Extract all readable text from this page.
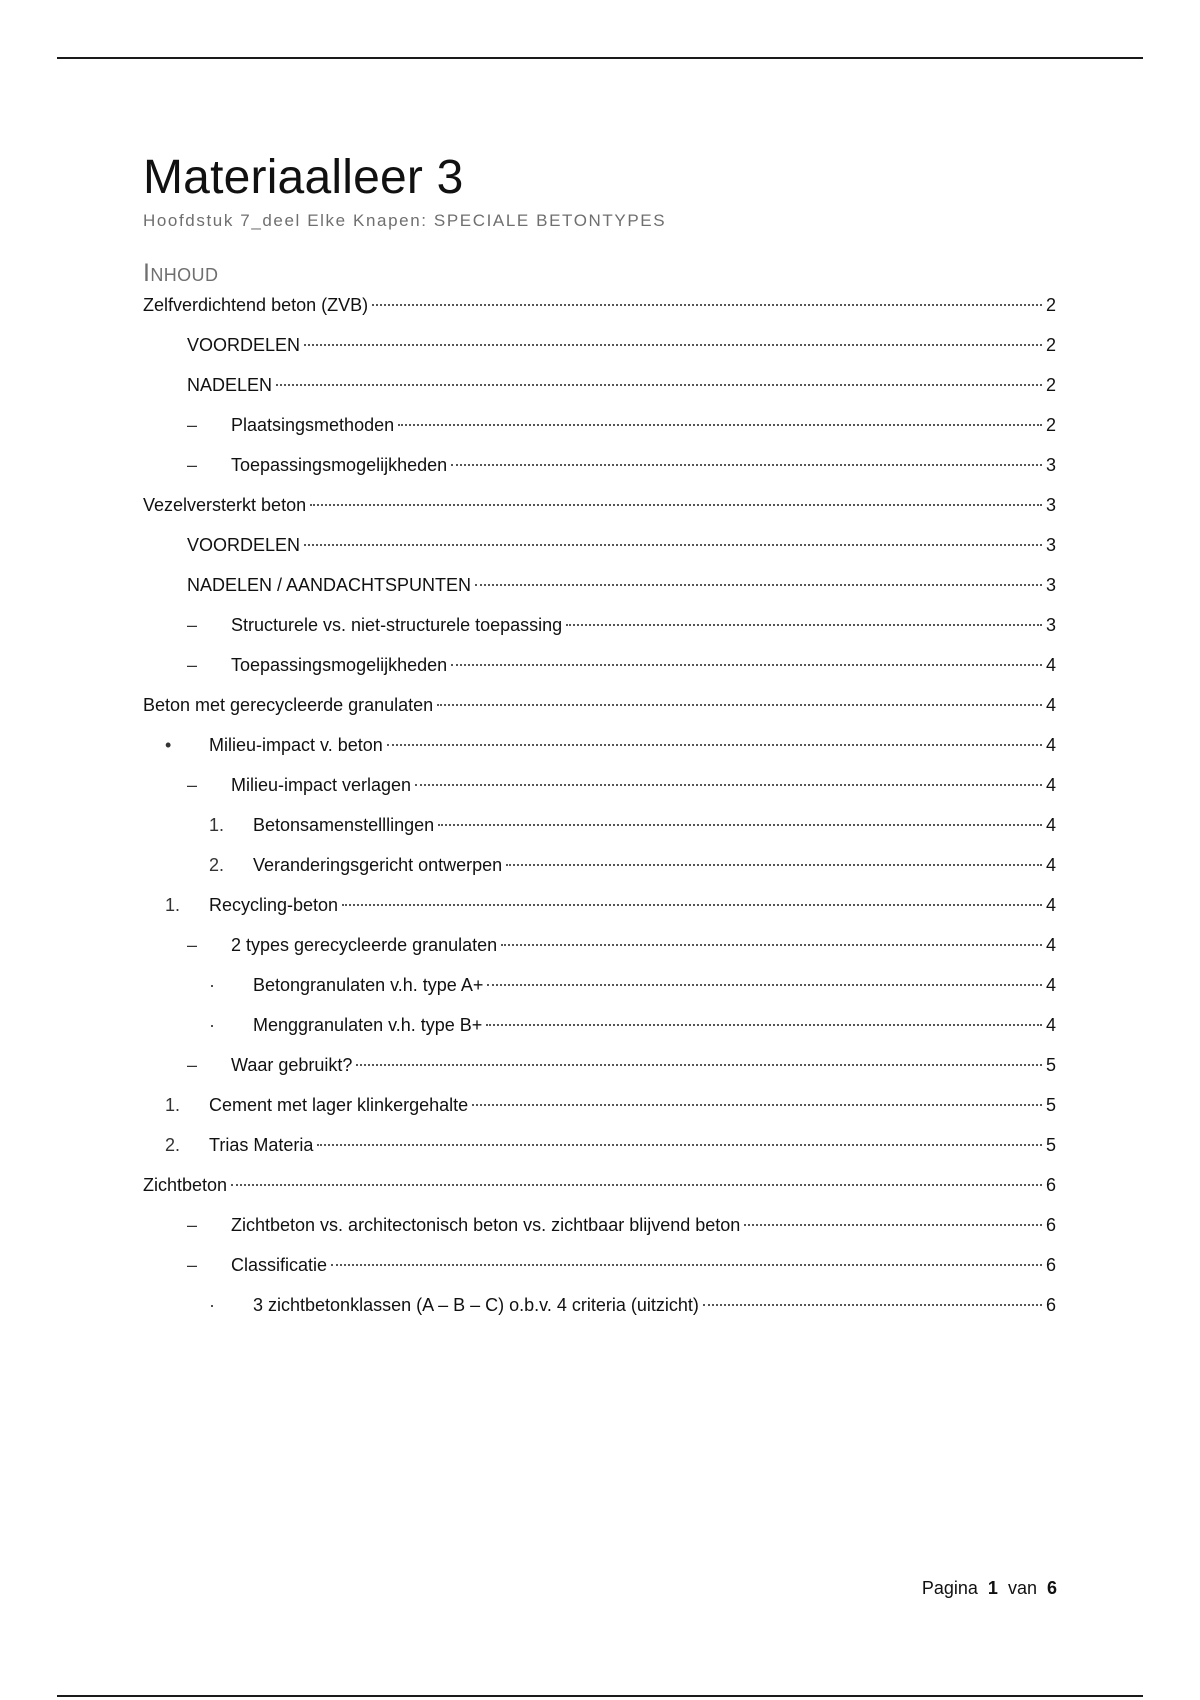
Materiaalleer 3
Hoofdstuk 7_deel Elke Knapen: SPECIALE BETONTYPES
Inhoud
Zelfverdichtend beton (ZVB)	2
VOORDELEN	2
NADELEN	2
–	Plaatsingsmethoden	2
–	Toepassingsmogelijkheden	3
Vezelversterkt beton	3
VOORDELEN	3
NADELEN / AANDACHTSPUNTEN	3
–	Structurele vs. niet-structurele toepassing	3
–	Toepassingsmogelijkheden	4
Beton met gerecycleerde granulaten	4
•	Milieu-impact v. beton	4
–	Milieu-impact verlagen	4
1.	Betonsamenstelllingen	4
2.	Veranderingsgericht ontwerpen	4
1.	Recycling-beton	4
–	2 types gerecycleerde granulaten	4
·	Betongranulaten v.h. type A+	4
·	Menggranulaten v.h. type B+	4
–	Waar gebruikt?	5
1.	Cement met lager klinkergehalte	5
2.	Trias Materia	5
Zichtbeton	6
–	Zichtbeton vs. architectonisch beton vs. zichtbaar blijvend beton	6
–	Classificatie	6
·	3 zichtbetonklassen (A – B – C) o.b.v. 4 criteria (uitzicht)	6
Pagina 1 van 6
